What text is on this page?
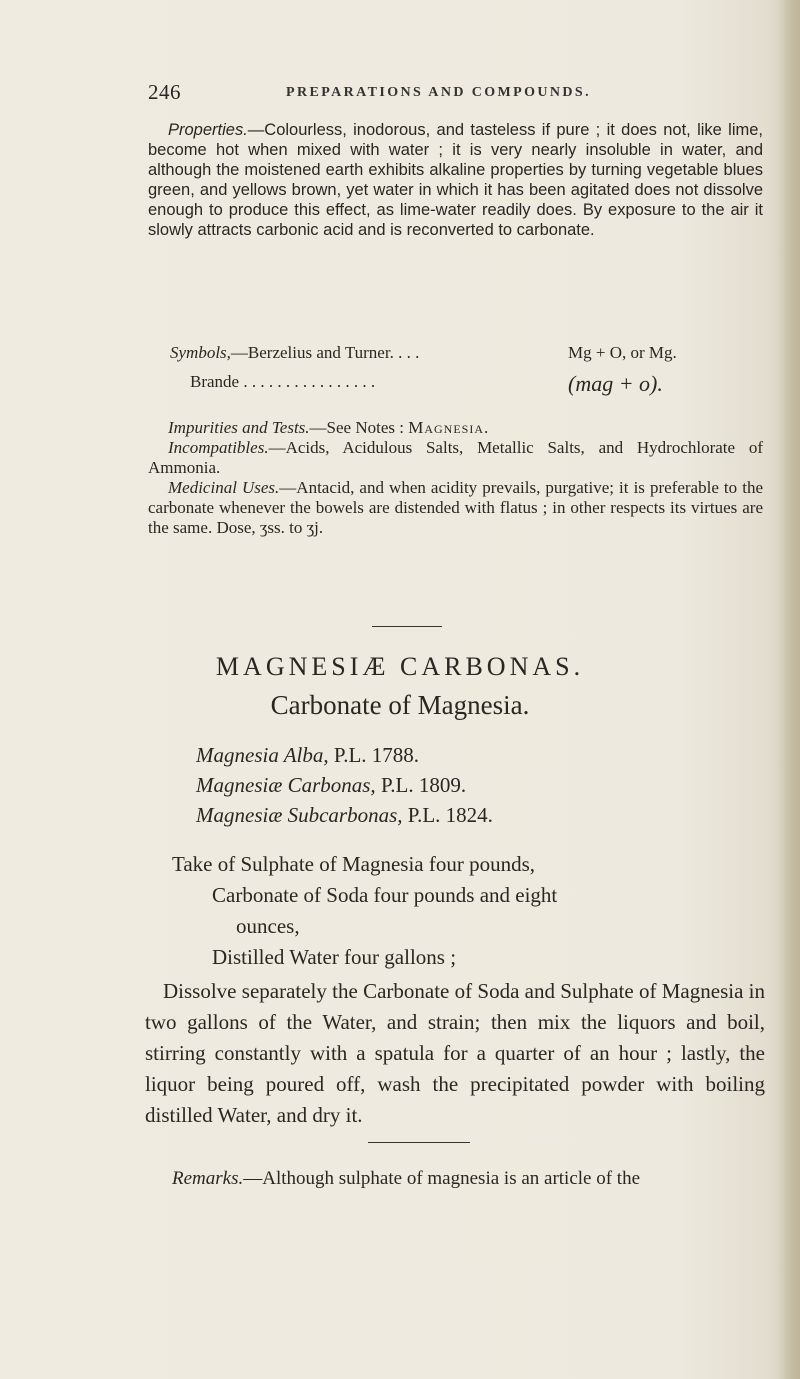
246	PREPARATIONS AND COMPOUNDS.
Properties.—Colourless, inodorous, and tasteless if pure ; it does not, like lime, become hot when mixed with water ; it is very nearly insoluble in water, and although the moistened earth exhibits alkaline properties by turning vegetable blues green, and yellows brown, yet water in which it has been agitated does not dissolve enough to produce this effect, as lime-water readily does. By exposure to the air it slowly attracts carbonic acid and is reconverted to carbonate.
Symbols,—Berzelius and Turner. . . .	Mg + O, or Mg.
Brande . . . . . . . . . . . . . . . .	(mag + o).
Impurities and Tests.—See Notes : Magnesia.
Incompatibles.—Acids, Acidulous Salts, Metallic Salts, and Hydrochlorate of Ammonia.
Medicinal Uses.—Antacid, and when acidity prevails, purgative; it is preferable to the carbonate whenever the bowels are distended with flatus ; in other respects its virtues are the same. Dose, ʒss. to ʒj.
MAGNESIÆ CARBONAS.
Carbonate of Magnesia.
Magnesia Alba, P.L. 1788.
Magnesiæ Carbonas, P.L. 1809.
Magnesiæ Subcarbonas, P.L. 1824.
Take of Sulphate of Magnesia four pounds,
Carbonate of Soda four pounds and eight
ounces,
Distilled Water four gallons ;
Dissolve separately the Carbonate of Soda and Sulphate of Magnesia in two gallons of the Water, and strain; then mix the liquors and boil, stirring constantly with a spatula for a quarter of an hour ; lastly, the liquor being poured off, wash the precipitated powder with boiling distilled Water, and dry it.
Remarks.—Although sulphate of magnesia is an article of the
